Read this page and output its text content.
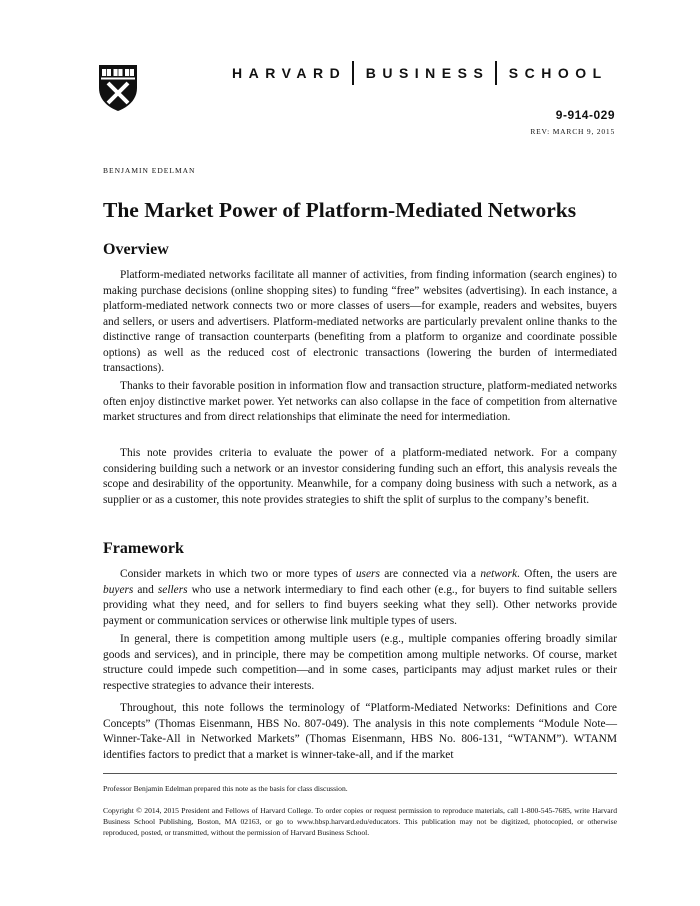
HARVARD BUSINESS SCHOOL
9-914-029
REV: MARCH 9, 2015
BENJAMIN EDELMAN
The Market Power of Platform-Mediated Networks
Overview

Platform-mediated networks facilitate all manner of activities, from finding information (search engines) to making purchase decisions (online shopping sites) to funding “free” websites (advertising). In each instance, a platform-mediated network connects two or more classes of users—for example, readers and websites, buyers and sellers, or users and advertisers. Platform-mediated networks are particularly prevalent online thanks to the distinctive range of transaction counterparts (benefiting from a platform to organize and coordinate possible options) as well as the reduced cost of electronic transactions (lowering the burden of intermediated transactions).

Thanks to their favorable position in information flow and transaction structure, platform-mediated networks often enjoy distinctive market power. Yet networks can also collapse in the face of competition from alternative market structures and from direct relationships that eliminate the need for intermediation.

This note provides criteria to evaluate the power of a platform-mediated network. For a company considering building such a network or an investor considering funding such an effort, this analysis reveals the scope and desirability of the opportunity. Meanwhile, for a company doing business with such a network, as a supplier or as a customer, this note provides strategies to shift the split of surplus to the company’s benefit.

Framework

Consider markets in which two or more types of users are connected via a network. Often, the users are buyers and sellers who use a network intermediary to find each other (e.g., for buyers to find suitable sellers providing what they need, and for sellers to find buyers seeking what they sell). Other networks provide payment or communication services or otherwise link multiple types of users.

In general, there is competition among multiple users (e.g., multiple companies offering broadly similar goods and services), and in principle, there may be competition among multiple networks. Of course, market structure could impede such competition—and in some cases, participants may adjust market rules or their respective strategies to advance their interests.

Throughout, this note follows the terminology of “Platform-Mediated Networks: Definitions and Core Concepts” (Thomas Eisenmann, HBS No. 807-049). The analysis in this note complements “Module Note—Winner-Take-All in Networked Markets” (Thomas Eisenmann, HBS No. 806-131, “WTANM”). WTANM identifies factors to predict that a market is winner-take-all, and if the market

Professor Benjamin Edelman prepared this note as the basis for class discussion.

Copyright © 2014, 2015 President and Fellows of Harvard College. To order copies or request permission to reproduce materials, call 1-800-545-7685, write Harvard Business School Publishing, Boston, MA 02163, or go to www.hbsp.harvard.edu/educators. This publication may not be digitized, photocopied, or otherwise reproduced, posted, or transmitted, without the permission of Harvard Business School.
